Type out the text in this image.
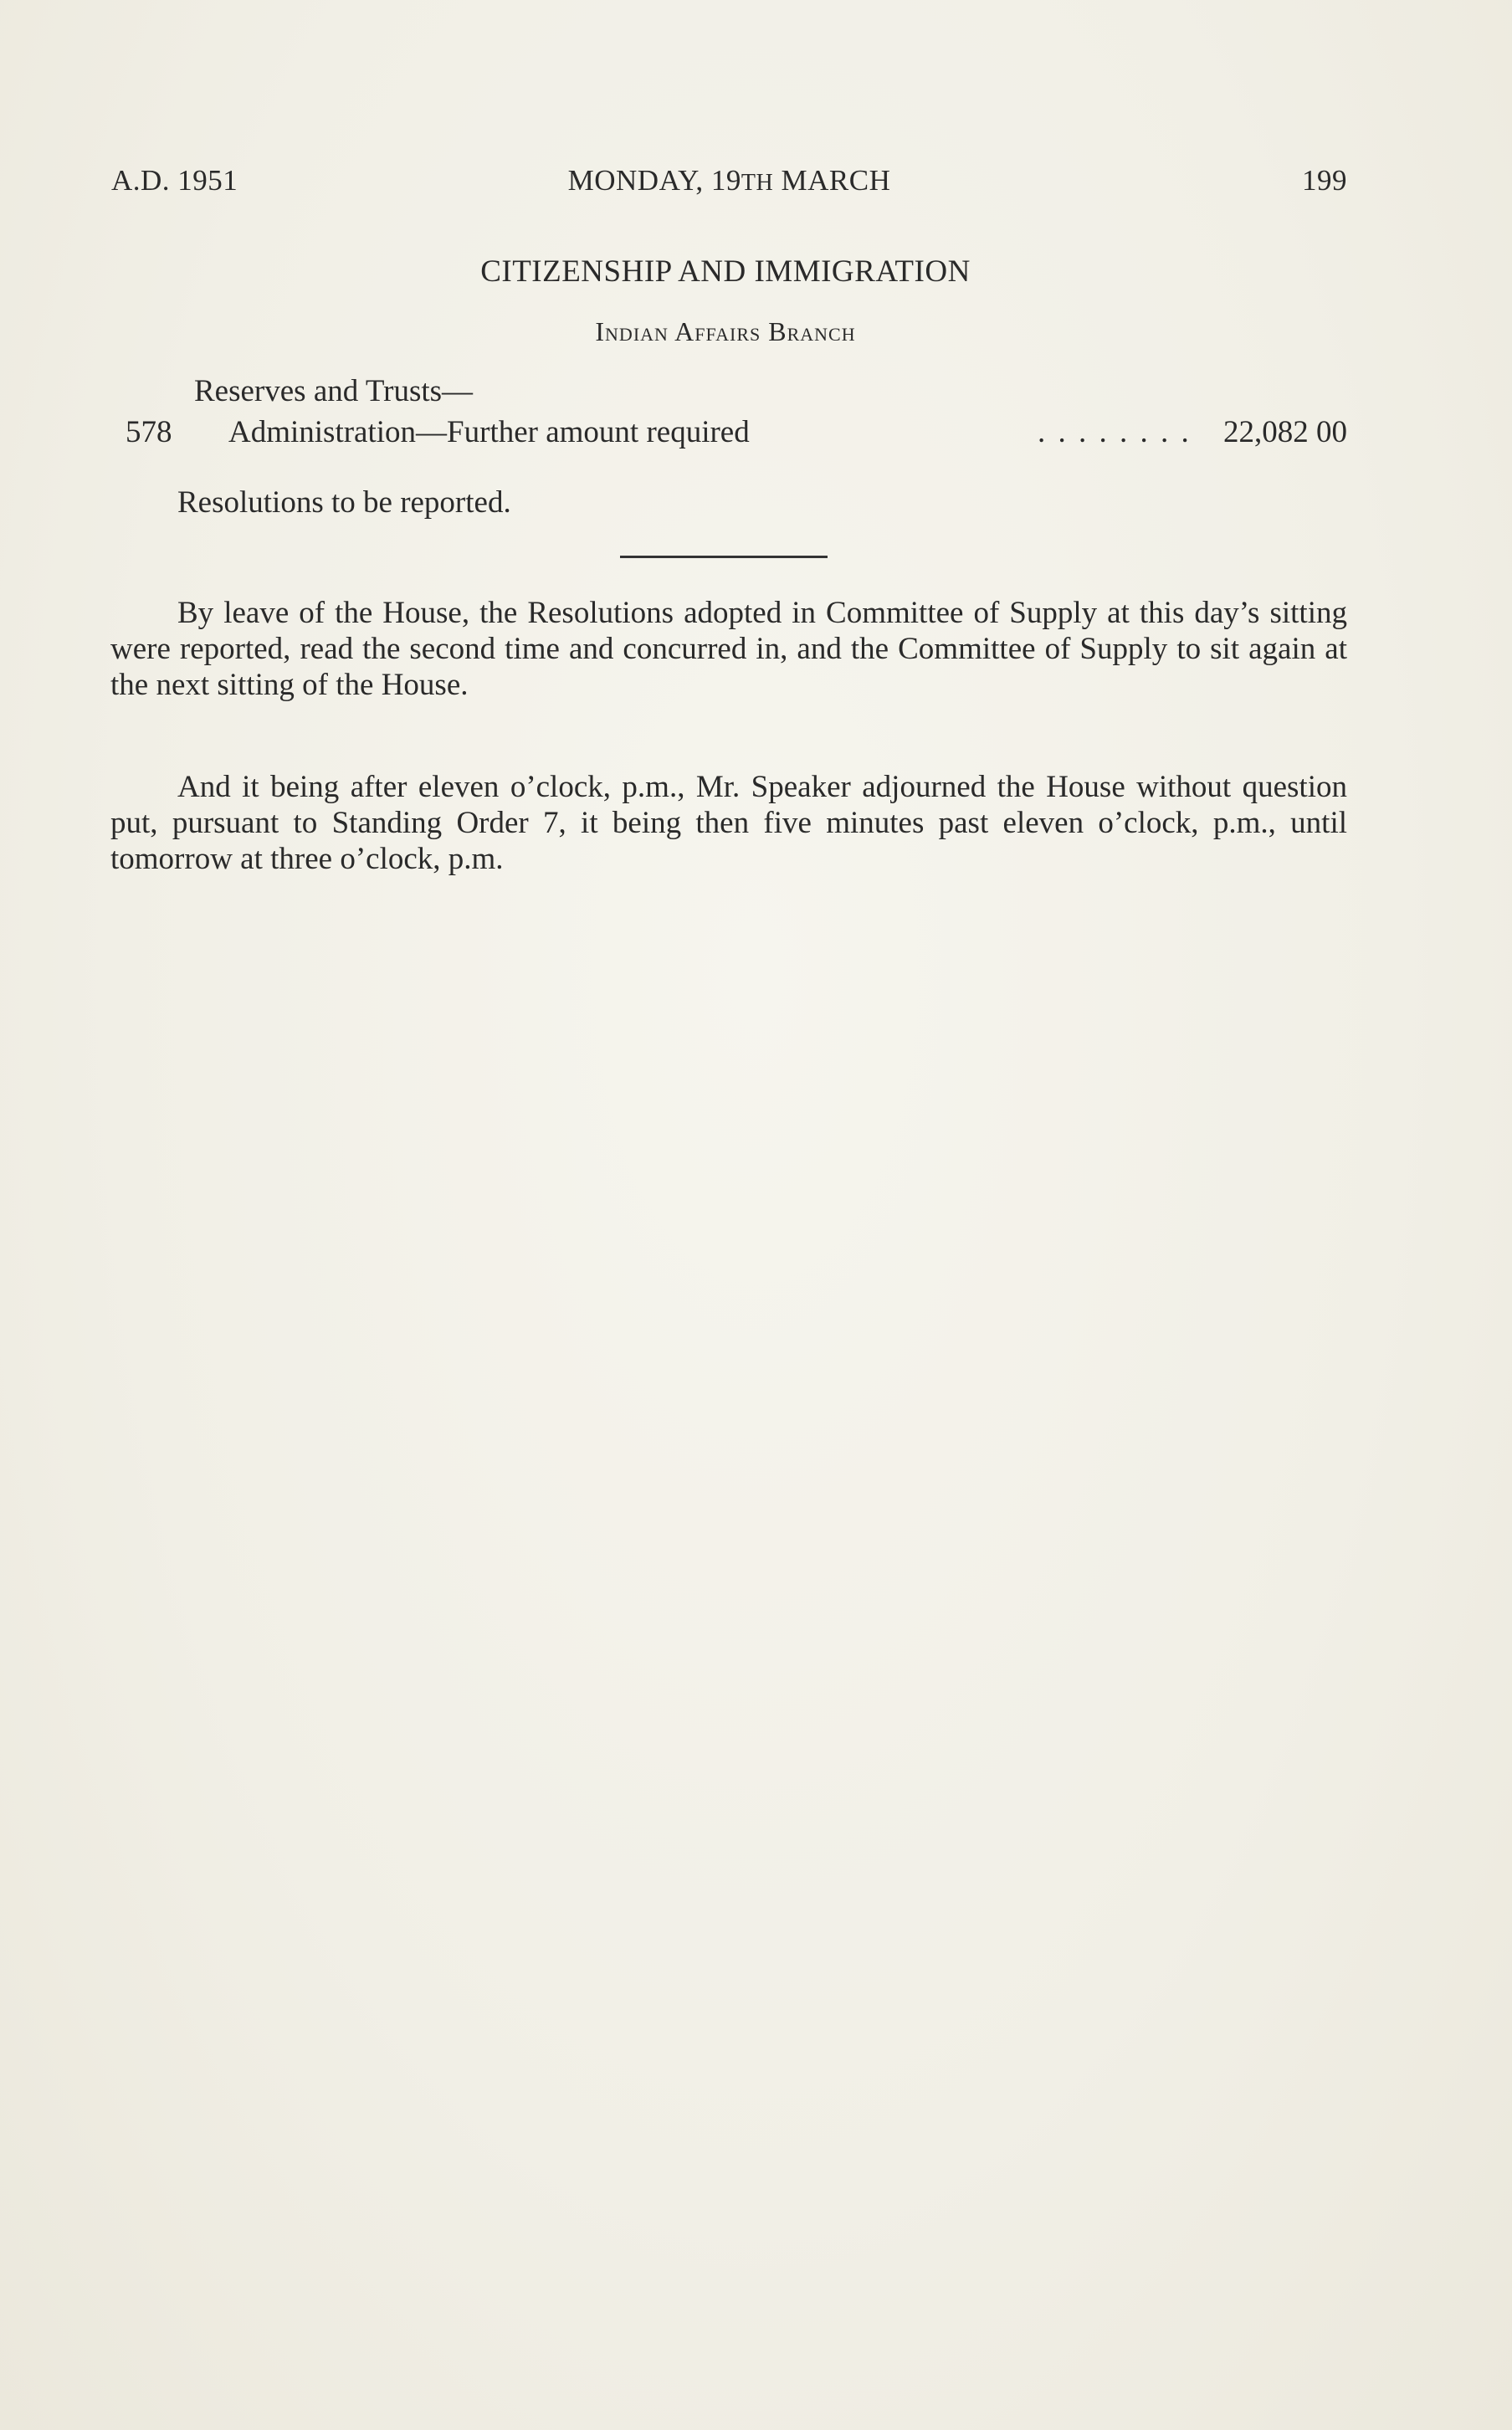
A.D. 1951	MONDAY, 19TH MARCH	199
CITIZENSHIP AND IMMIGRATION
Indian Affairs Branch
Reserves and Trusts—
578 Administration—Further amount required	. . . . . . . . 22,082 00
Resolutions to be reported.

By leave of the House, the Resolutions adopted in Committee of Supply at this day’s sitting were reported, read the second time and concurred in, and the Committee of Supply to sit again at the next sitting of the House.

And it being after eleven o’clock, p.m., Mr. Speaker adjourned the House without question put, pursuant to Standing Order 7, it being then five minutes past eleven o’clock, p.m., until tomorrow at three o’clock, p.m.
